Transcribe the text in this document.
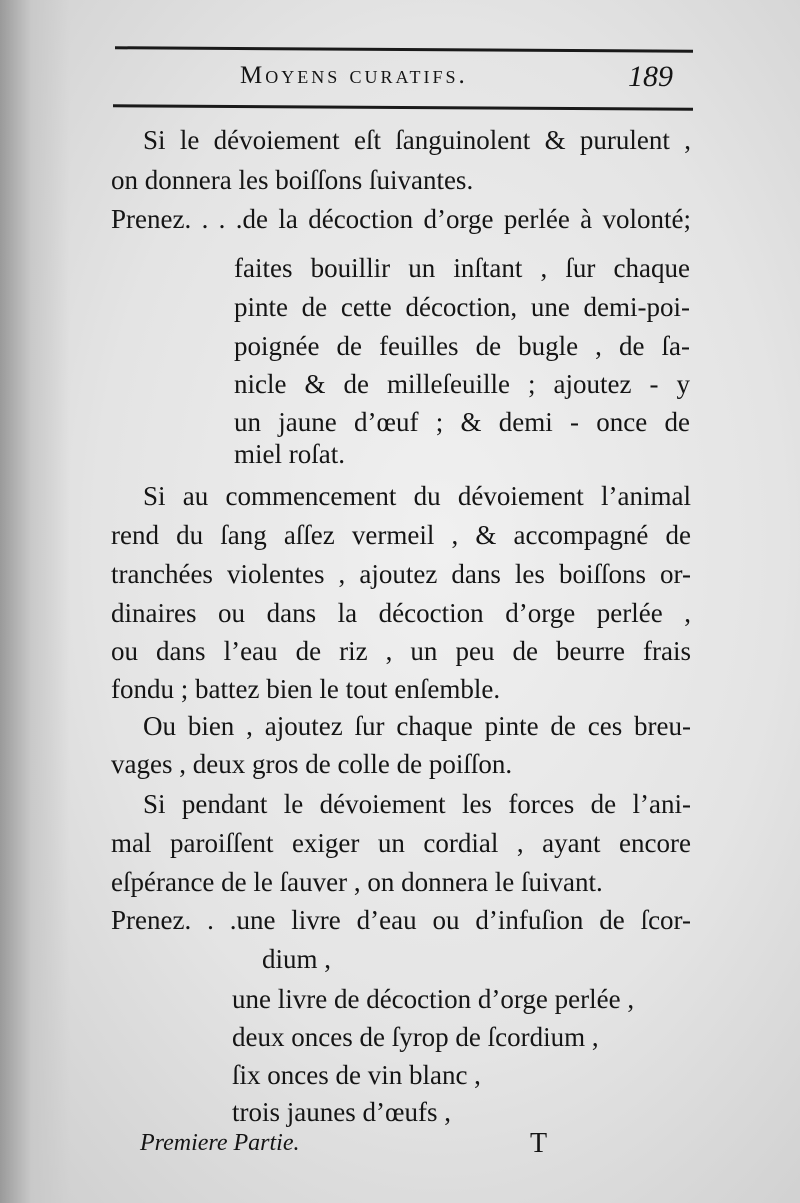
Moyens curatifs.	189
Si le dévoiement eſt ſanguinolent & purulent ,
on donnera les boiſſons ſuivantes.
Prenez. . . .de la décoction d’orge perlée à volonté;
faites bouillir un inſtant , ſur chaque
pinte de cette décoction, une demi-poi-
poignée de feuilles de bugle , de ſa-
nicle & de milleſeuille ; ajoutez - y
un jaune d’œuf ; & demi - once de
miel roſat.
Si au commencement du dévoiement l’animal
rend du ſang aſſez vermeil , & accompagné de
tranchées violentes , ajoutez dans les boiſſons or-
dinaires ou dans la décoction d’orge perlée ,
ou dans l’eau de riz , un peu de beurre frais
fondu ; battez bien le tout enſemble.
Ou bien , ajoutez ſur chaque pinte de ces breu-
vages , deux gros de colle de poiſſon.
Si pendant le dévoiement les forces de l’ani-
mal paroiſſent exiger un cordial , ayant encore
eſpérance de le ſauver , on donnera le ſuivant.
Prenez. . .une livre d’eau ou d’infuſion de ſcor-
dium ,
une livre de décoction d’orge perlée ,
deux onces de ſyrop de ſcordium ,
ſix onces de vin blanc ,
trois jaunes d’œufs ,
Premiere Partie.	T
